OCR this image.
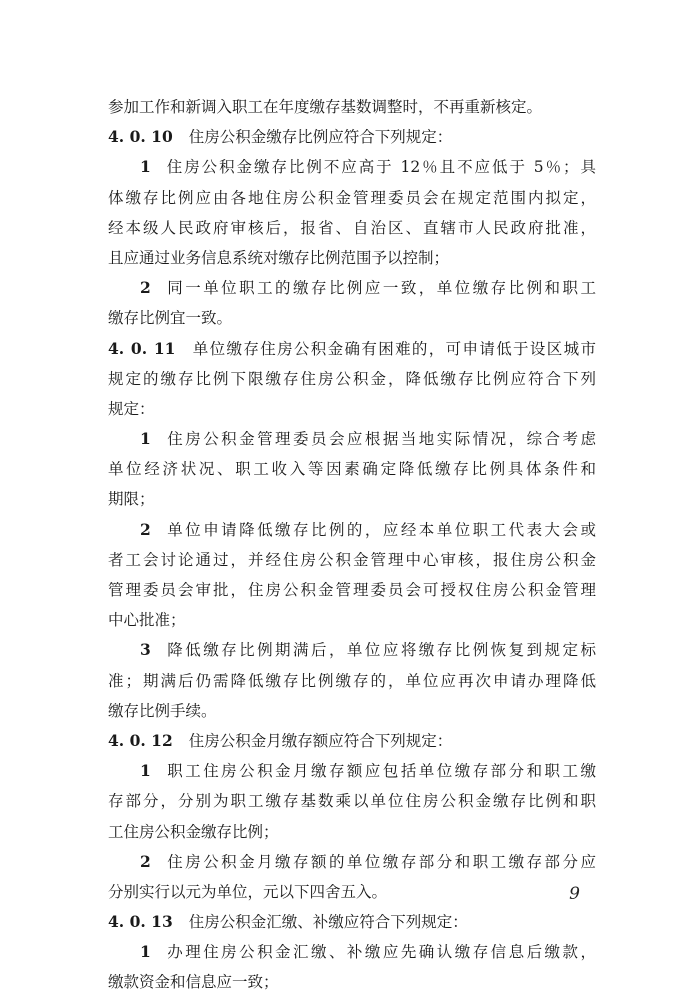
参加工作和新调入职工在年度缴存基数调整时，不再重新核定。
4. 0. 10 住房公积金缴存比例应符合下列规定：
1 住房公积金缴存比例不应高于 12％且不应低于 5％；具
体缴存比例应由各地住房公积金管理委员会在规定范围内拟定，
经本级人民政府审核后，报省、自治区、直辖市人民政府批准，
且应通过业务信息系统对缴存比例范围予以控制；
2 同一单位职工的缴存比例应一致，单位缴存比例和职工
缴存比例宜一致。
4. 0. 11 单位缴存住房公积金确有困难的，可申请低于设区城市
规定的缴存比例下限缴存住房公积金，降低缴存比例应符合下列
规定：
1 住房公积金管理委员会应根据当地实际情况，综合考虑
单位经济状况、职工收入等因素确定降低缴存比例具体条件和
期限；
2 单位申请降低缴存比例的，应经本单位职工代表大会或
者工会讨论通过，并经住房公积金管理中心审核，报住房公积金
管理委员会审批，住房公积金管理委员会可授权住房公积金管理
中心批准；
3 降低缴存比例期满后，单位应将缴存比例恢复到规定标
准；期满后仍需降低缴存比例缴存的，单位应再次申请办理降低
缴存比例手续。
4. 0. 12 住房公积金月缴存额应符合下列规定：
1 职工住房公积金月缴存额应包括单位缴存部分和职工缴
存部分，分别为职工缴存基数乘以单位住房公积金缴存比例和职
工住房公积金缴存比例；
2 住房公积金月缴存额的单位缴存部分和职工缴存部分应
分别实行以元为单位，元以下四舍五入。
4. 0. 13 住房公积金汇缴、补缴应符合下列规定：
1 办理住房公积金汇缴、补缴应先确认缴存信息后缴款，
缴款资金和信息应一致；
9
